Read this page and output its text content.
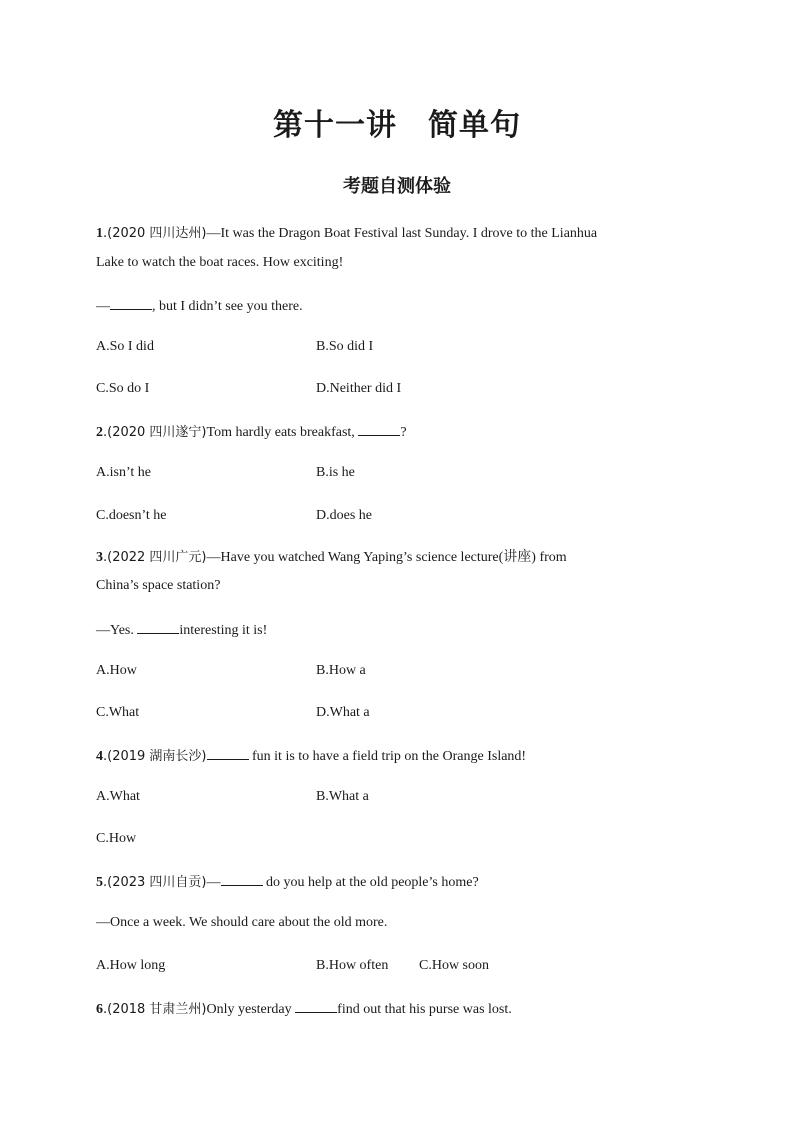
第十一讲　简单句
考题自测体验
1.(2020 四川达州)—It was the Dragon Boat Festival last Sunday. I drove to the Lianhua
Lake to watch the boat races. How exciting!
—	, but I didn’t see you there.
A.So I did	B.So did I
C.So do I	D.Neither did I
2.(2020 四川遂宁)Tom hardly eats breakfast,	?
A.isn’t he	B.is he
C.doesn’t he	D.does he
3.(2022 四川广元)—Have you watched Wang Yaping’s science lecture(讲座) from
China’s space station?
—Yes.	interesting it is!
A.How	B.How a
C.What	D.What a
4.(2019 湖南长沙)	fun it is to have a field trip on the Orange Island!
A.What	B.What a
C.How
5.(2023 四川自贡)—	do you help at the old people’s home?
—Once a week. We should care about the old more.
A.How long	B.How often C.How soon
6.(2018 甘肃兰州)Only yesterday	find out that his purse was lost.
